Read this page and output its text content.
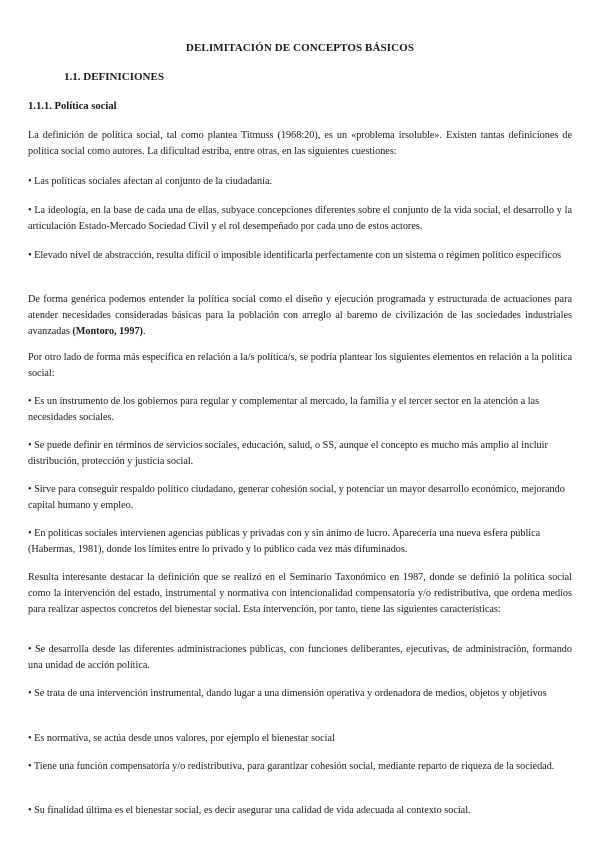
DELIMITACIÓN DE CONCEPTOS BÁSICOS
1.1. DEFINICIONES
1.1.1. Política social

La definición de política social, tal como plantea Titmuss (1968:20), es un «problema irsoluble». Existen tantas definiciones de política social como autores. La dificultad estriba, entre otras, en las siguientes cuestiones:

• Las políticas sociales afectan al conjunto de la ciudadanía.

• La ideología, en la base de cada una de ellas, subyace concepciones diferentes sobre el conjunto de la vida social, el desarrollo y la articulación Estado-Mercado Sociedad Civil y el rol desempeñado por cada uno de estos actores.

• Elevado nivel de abstracción, resulta difícil o imposible identificarla perfectamente con un sistema o régimen político específicos

De forma genérica podemos entender la política social como el diseño y ejecución programada y estructurada de actuaciones para atender necesidades consideradas básicas para la población con arreglo al baremo de civilización de las sociedades industriales avanzadas (Montoro, 1997).

Por otro lado de forma más específica en relación a la/s política/s, se podría plantear los siguientes elementos en relación a la política social:

• Es un instrumento de los gobiernos para regular y complementar al mercado, la familia y el tercer sector en la atención a las necesidades sociales.

• Se puede definir en términos de servicios sociales, educación, salud, o SS, aunque el concepto es mucho más amplio al incluir distribución, protección y justicia social.

• Sirve para conseguir respaldo político ciudadano, generar cohesión social, y potenciar un mayor desarrollo económico, mejorando capital humano y empleo.

• En políticas sociales intervienen agencias públicas y privadas con y sin ánimo de lucro. Aparecería una nueva esfera pública (Habermas, 1981), donde los límites entre lo privado y lo público cada vez más difuminados.

Resulta interesante destacar la definición que se realizó en el Seminario Taxonómico en 1987, donde se definió la política social como la intervención del estado, instrumental y normativa con intencionalidad compensatoria y/o redistributiva, que ordena medios para realizar aspectos concretos del bienestar social. Esta intervención, por tanto, tiene las siguientes características:

• Se desarrolla desde las diferentes administraciones públicas, con funciones deliberantes, ejecutivas, de administración, formando una unidad de acción política.

• Se trata de una intervención instrumental, dando lugar a una dimensión operativa y ordenadora de medios, objetos y objetivos

• Es normativa, se actúa desde unos valores, por ejemplo el bienestar social

• Tiene una función compensatoria y/o redistributiva, para garantizar cohesión social, mediante reparto de riqueza de la sociedad.

• Su finalidad última es el bienestar social, es decir asegurar una calidad de vida adecuada al contexto social.
